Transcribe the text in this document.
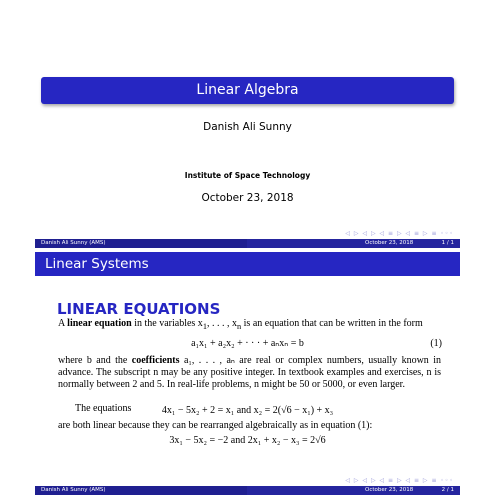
Linear Algebra
Danish Ali Sunny
Institute of Space Technology
October 23, 2018
◁ ▷ ◁ ▷ ◁ ≡ ▷ ◁ ≡ ▷ ≡ ◦◦◦
Danish Ali Sunny (AMS)	October 23, 2018	1 / 1
Linear Systems
LINEAR EQUATIONS
A linear equation in the variables $x_1$, . . . , $x_n$ is an equation that can be written in the form
a₁x₁ + a₂x₂ + · · · + aₙxₙ = b	(1)
where b and the coefficients a₁, . . . , aₙ are real or complex numbers, usually known in advance. The subscript n may be any positive integer. In textbook examples and exercises, n is normally between 2 and 5. In real-life problems, n might be 50 or 5000, or even larger.
The equations	4x₁ − 5x₂ + 2 = x₁ and x₂ = 2(√6 − x₁) + x₃
are both linear because they can be rearranged algebraically as in equation (1):
3x₁ − 5x₂ = −2 and 2x₁ + x₂ − x₃ = 2√6
◁ ▷ ◁ ▷ ◁ ≡ ▷ ◁ ≡ ▷ ≡ ◦◦◦
Danish Ali Sunny (AMS)	October 23, 2018	2 / 1
